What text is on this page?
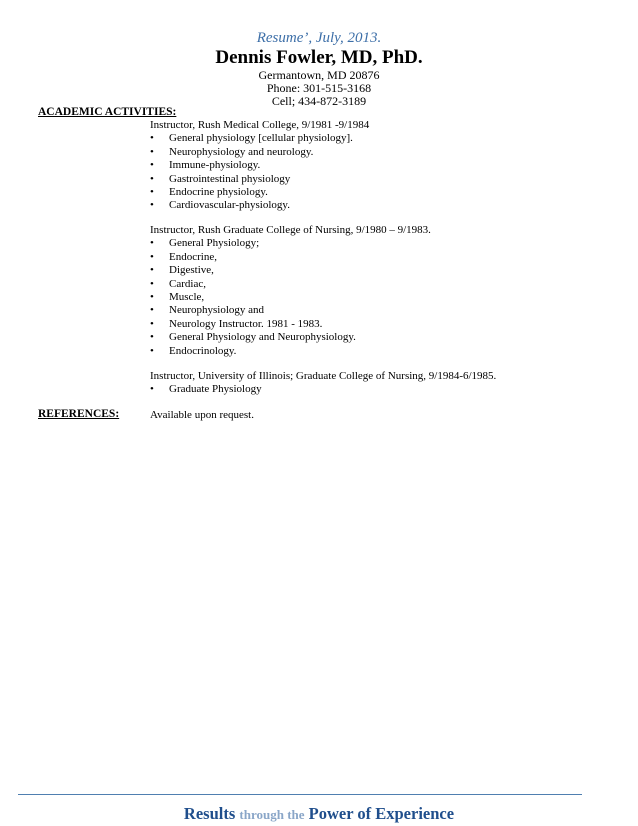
Resume’, July, 2013.
Dennis Fowler, MD, PhD.
Germantown, MD 20876
Phone: 301-515-3168
Cell; 434-872-3189
ACADEMIC ACTIVITIES:

Instructor, Rush Medical College, 9/1981 -9/1984

• General physiology [cellular physiology].
• Neurophysiology and neurology.
• Immune-physiology.
• Gastrointestinal physiology
• Endocrine physiology.
• Cardiovascular-physiology.

Instructor, Rush Graduate College of Nursing, 9/1980 – 9/1983.

• General Physiology;
• Endocrine,
• Digestive,
• Cardiac,
• Muscle,
• Neurophysiology and
• Neurology Instructor. 1981 - 1983.
• General Physiology and Neurophysiology.
• Endocrinology.

Instructor, University of Illinois; Graduate College of Nursing, 9/1984-6/1985.

• Graduate Physiology
REFERENCES:	Available upon request.
Results through the Power of Experience
